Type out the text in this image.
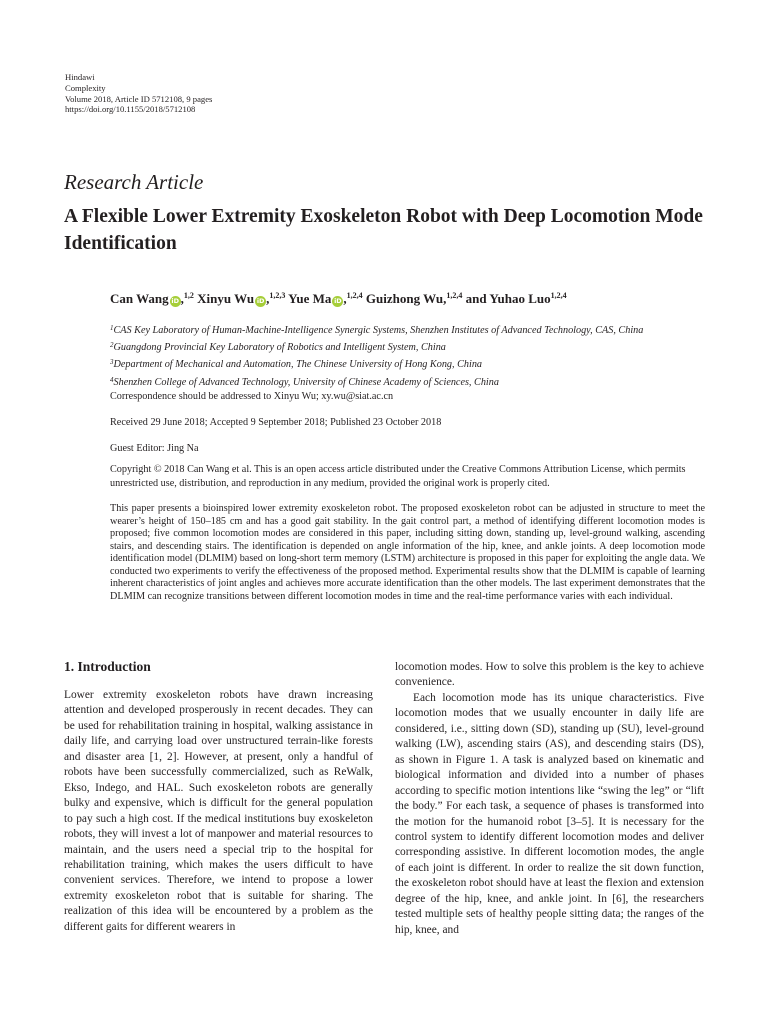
Hindawi
Complexity
Volume 2018, Article ID 5712108, 9 pages
https://doi.org/10.1155/2018/5712108
Research Article
A Flexible Lower Extremity Exoskeleton Robot with Deep Locomotion Mode Identification
Can Wang iD ,$^{1,2}$ Xinyu Wu iD ,$^{1,2,3}$ Yue Ma iD ,$^{1,2,4}$ Guizhong Wu,$^{1,2,4}$ and Yuhao Luo$^{1,2,4}$
$^1$CAS Key Laboratory of Human-Machine-Intelligence Synergic Systems, Shenzhen Institutes of Advanced Technology, CAS, China
$^2$Guangdong Provincial Key Laboratory of Robotics and Intelligent System, China
$^3$Department of Mechanical and Automation, The Chinese University of Hong Kong, China
$^4$Shenzhen College of Advanced Technology, University of Chinese Academy of Sciences, China
Correspondence should be addressed to Xinyu Wu; xy.wu@siat.ac.cn
Received 29 June 2018; Accepted 9 September 2018; Published 23 October 2018
Guest Editor: Jing Na
Copyright © 2018 Can Wang et al. This is an open access article distributed under the Creative Commons Attribution License, which permits unrestricted use, distribution, and reproduction in any medium, provided the original work is properly cited.
This paper presents a bioinspired lower extremity exoskeleton robot. The proposed exoskeleton robot can be adjusted in structure to meet the wearer’s height of 150–185 cm and has a good gait stability. In the gait control part, a method of identifying different locomotion modes is proposed; five common locomotion modes are considered in this paper, including sitting down, standing up, level-ground walking, ascending stairs, and descending stairs. The identification is depended on angle information of the hip, knee, and ankle joints. A deep locomotion mode identification model (DLMIM) based on long-short term memory (LSTM) architecture is proposed in this paper for exploiting the angle data. We conducted two experiments to verify the effectiveness of the proposed method. Experimental results show that the DLMIM is capable of learning inherent characteristics of joint angles and achieves more accurate identification than the other models. The last experiment demonstrates that the DLMIM can recognize transitions between different locomotion modes in time and the real-time performance varies with each individual.
1. Introduction
Lower extremity exoskeleton robots have drawn increasing attention and developed prosperously in recent decades. They can be used for rehabilitation training in hospital, walking assistance in daily life, and carrying load over unstructured terrain-like forests and disaster area [1, 2]. However, at present, only a handful of robots have been successfully commercialized, such as ReWalk, Ekso, Indego, and HAL. Such exoskeleton robots are generally bulky and expensive, which is difficult for the general population to pay such a high cost. If the medical institutions buy exoskeleton robots, they will invest a lot of manpower and material resources to maintain, and the users need a special trip to the hospital for rehabilitation training, which makes the users difficult to have convenient services. Therefore, we intend to propose a lower extremity exoskeleton robot that is suitable for sharing. The realization of this idea will be encountered by a problem as the different gaits for different wearers in
locomotion modes. How to solve this problem is the key to achieve convenience.
Each locomotion mode has its unique characteristics. Five locomotion modes that we usually encounter in daily life are considered, i.e., sitting down (SD), standing up (SU), level-ground walking (LW), ascending stairs (AS), and descending stairs (DS), as shown in Figure 1. A task is analyzed based on kinematic and biological information and divided into a number of phases according to specific motion intentions like “swing the leg” or “lift the body.” For each task, a sequence of phases is transformed into the motion for the humanoid robot [3–5]. It is necessary for the control system to identify different locomotion modes and deliver corresponding assistive. In different locomotion modes, the angle of each joint is different. In order to realize the sit down function, the exoskeleton robot should have at least the flexion and extension degree of the hip, knee, and ankle joint. In [6], the researchers tested multiple sets of healthy people sitting data; the ranges of the hip, knee, and
